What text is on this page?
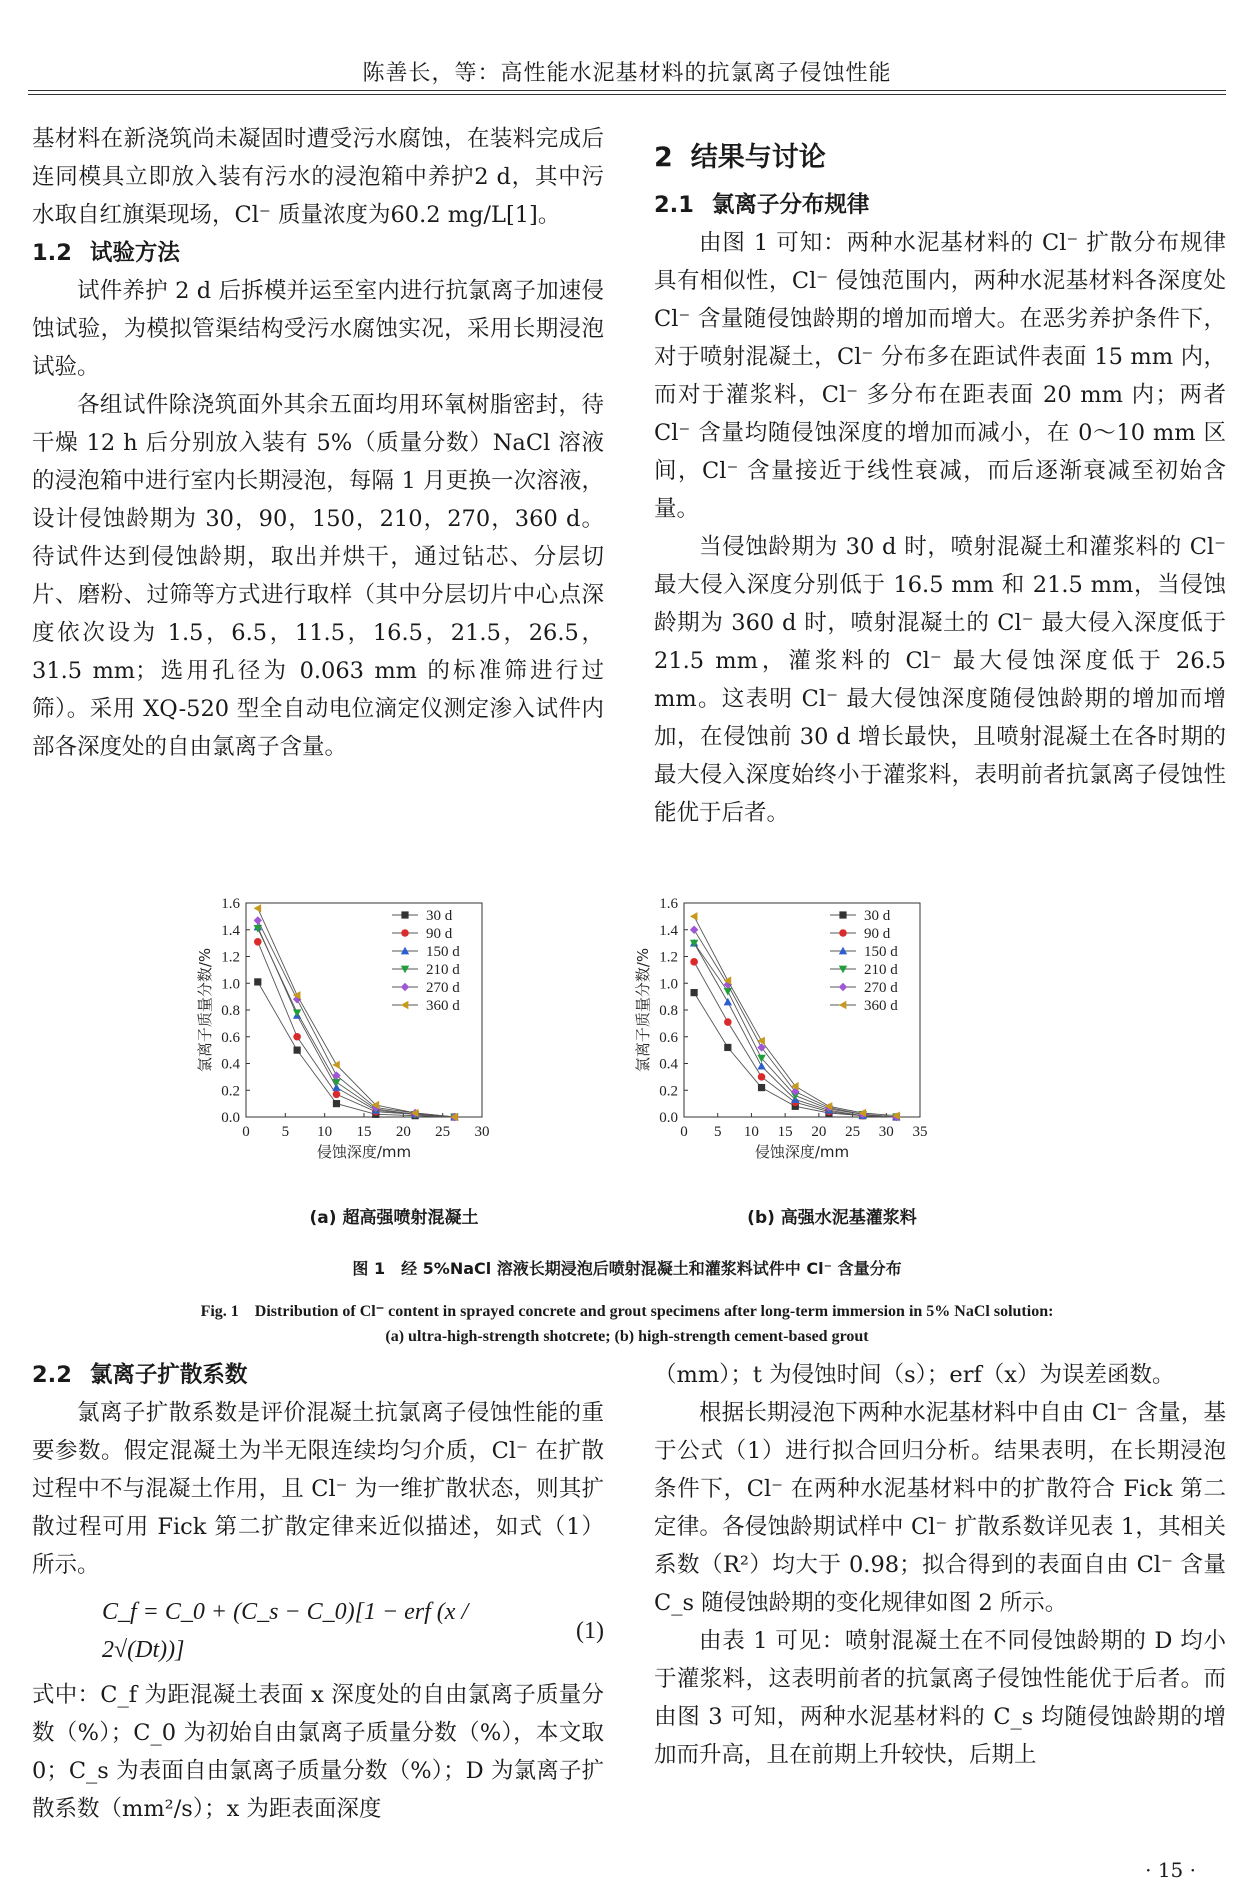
陈善长，等：高性能水泥基材料的抗氯离子侵蚀性能

基材料在新浇筑尚未凝固时遭受污水腐蚀，在装料完成后连同模具立即放入装有污水的浸泡箱中养护2 d，其中污水取自红旗渠现场，Cl⁻ 质量浓度为60.2 mg/L[1]。

1.2 试验方法

试件养护 2 d 后拆模并运至室内进行抗氯离子加速侵蚀试验，为模拟管渠结构受污水腐蚀实况，采用长期浸泡试验。

各组试件除浇筑面外其余五面均用环氧树脂密封，待干燥 12 h 后分别放入装有 5%（质量分数）NaCl 溶液的浸泡箱中进行室内长期浸泡，每隔 1 月更换一次溶液，设计侵蚀龄期为 30，90，150，210，270，360 d。待试件达到侵蚀龄期，取出并烘干，通过钻芯、分层切片、磨粉、过筛等方式进行取样（其中分层切片中心点深度依次设为 1.5，6.5，11.5，16.5，21.5，26.5，31.5 mm；选用孔径为 0.063 mm 的标准筛进行过筛）。采用 XQ-520 型全自动电位滴定仪测定渗入试件内部各深度处的自由氯离子含量。

2 结果与讨论
2.1 氯离子分布规律

由图 1 可知：两种水泥基材料的 Cl⁻ 扩散分布规律具有相似性，Cl⁻ 侵蚀范围内，两种水泥基材料各深度处 Cl⁻ 含量随侵蚀龄期的增加而增大。在恶劣养护条件下，对于喷射混凝土，Cl⁻ 分布多在距试件表面 15 mm 内，而对于灌浆料，Cl⁻ 多分布在距表面 20 mm 内；两者 Cl⁻ 含量均随侵蚀深度的增加而减小，在 0～10 mm 区间，Cl⁻ 含量接近于线性衰减，而后逐渐衰减至初始含量。

当侵蚀龄期为 30 d 时，喷射混凝土和灌浆料的 Cl⁻ 最大侵入深度分别低于 16.5 mm 和 21.5 mm，当侵蚀龄期为 360 d 时，喷射混凝土的 Cl⁻ 最大侵入深度低于 21.5 mm，灌浆料的 Cl⁻ 最大侵蚀深度低于 26.5 mm。这表明 Cl⁻ 最大侵蚀深度随侵蚀龄期的增加而增加，在侵蚀前 30 d 增长最快，且喷射混凝土在各时期的最大侵入深度始终小于灌浆料，表明前者抗氯离子侵蚀性能优于后者。

0.0
0.2
0.4
0.6
0.8
1.0
1.2
1.4
1.6
0 5 10 15 20 25 30
侵蚀深度/mm
氯离子质量分数/%
30 d
90 d
150 d
210 d
270 d
360 d
0.0
0.2
0.4
0.6
0.8
1.0
1.2
1.4
1.6
0 5 10 15 20 25 30 35
侵蚀深度/mm
氯离子质量分数/%
30 d
90 d
150 d
210 d
270 d
360 d
(a) 超高强喷射混凝土	(b) 高强水泥基灌浆料
图 1　经 5%NaCl 溶液长期浸泡后喷射混凝土和灌浆料试件中 Cl⁻ 含量分布
Fig. 1　Distribution of Cl⁻ content in sprayed concrete and grout specimens after long-term immersion in 5% NaCl solution:
(a) ultra-high-strength shotcrete; (b) high-strength cement-based grout
2.2 氯离子扩散系数

氯离子扩散系数是评价混凝土抗氯离子侵蚀性能的重要参数。假定混凝土为半无限连续均匀介质，Cl⁻ 在扩散过程中不与混凝土作用，且 Cl⁻ 为一维扩散状态，则其扩散过程可用 Fick 第二扩散定律来近似描述，如式（1）所示。

C_f = C_0 + (C_s − C_0)[1 − erf (x / 2√(Dt))]
(1)

式中：C_f 为距混凝土表面 x 深度处的自由氯离子质量分数（%）；C_0 为初始自由氯离子质量分数（%），本文取 0；C_s 为表面自由氯离子质量分数（%）；D 为氯离子扩散系数（mm²/s）；x 为距表面深度

（mm）；t 为侵蚀时间（s）；erf（x）为误差函数。

根据长期浸泡下两种水泥基材料中自由 Cl⁻ 含量，基于公式（1）进行拟合回归分析。结果表明，在长期浸泡条件下，Cl⁻ 在两种水泥基材料中的扩散符合 Fick 第二定律。各侵蚀龄期试样中 Cl⁻ 扩散系数详见表 1，其相关系数（R²）均大于 0.98；拟合得到的表面自由 Cl⁻ 含量 C_s 随侵蚀龄期的变化规律如图 2 所示。

由表 1 可见：喷射混凝土在不同侵蚀龄期的 D 均小于灌浆料，这表明前者的抗氯离子侵蚀性能优于后者。而由图 3 可知，两种水泥基材料的 C_s 均随侵蚀龄期的增加而升高，且在前期上升较快，后期上

· 15 ·
